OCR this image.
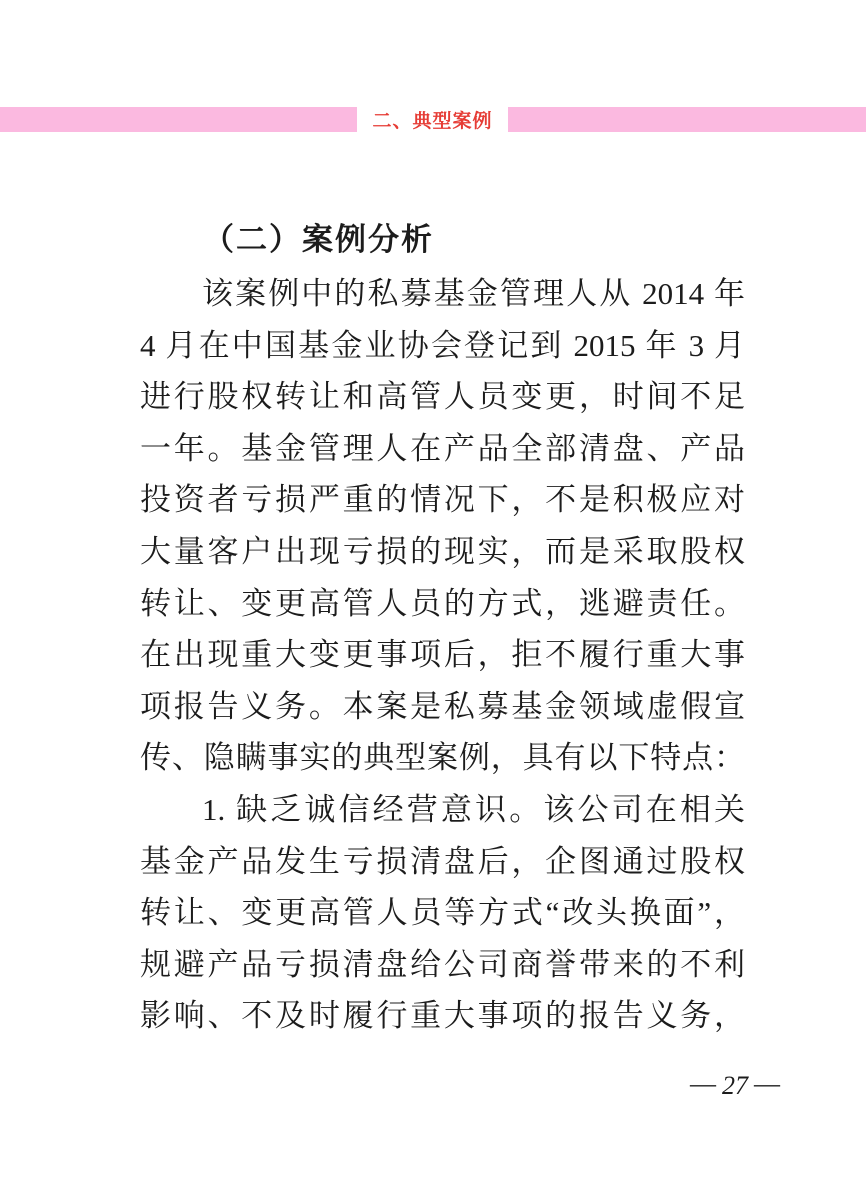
二、典型案例
（二）案例分析
该案例中的私募基金管理人从 2014 年
4 月在中国基金业协会登记到 2015 年 3 月
进行股权转让和高管人员变更，时间不足
一年。基金管理人在产品全部清盘、产品
投资者亏损严重的情况下，不是积极应对
大量客户出现亏损的现实，而是采取股权
转让、变更高管人员的方式，逃避责任。
在出现重大变更事项后，拒不履行重大事
项报告义务。本案是私募基金领域虚假宣
传、隐瞒事实的典型案例，具有以下特点：
1. 缺乏诚信经营意识。该公司在相关
基金产品发生亏损清盘后，企图通过股权
转让、变更高管人员等方式“改头换面”，
规避产品亏损清盘给公司商誉带来的不利
影响、不及时履行重大事项的报告义务，
— 27 —
